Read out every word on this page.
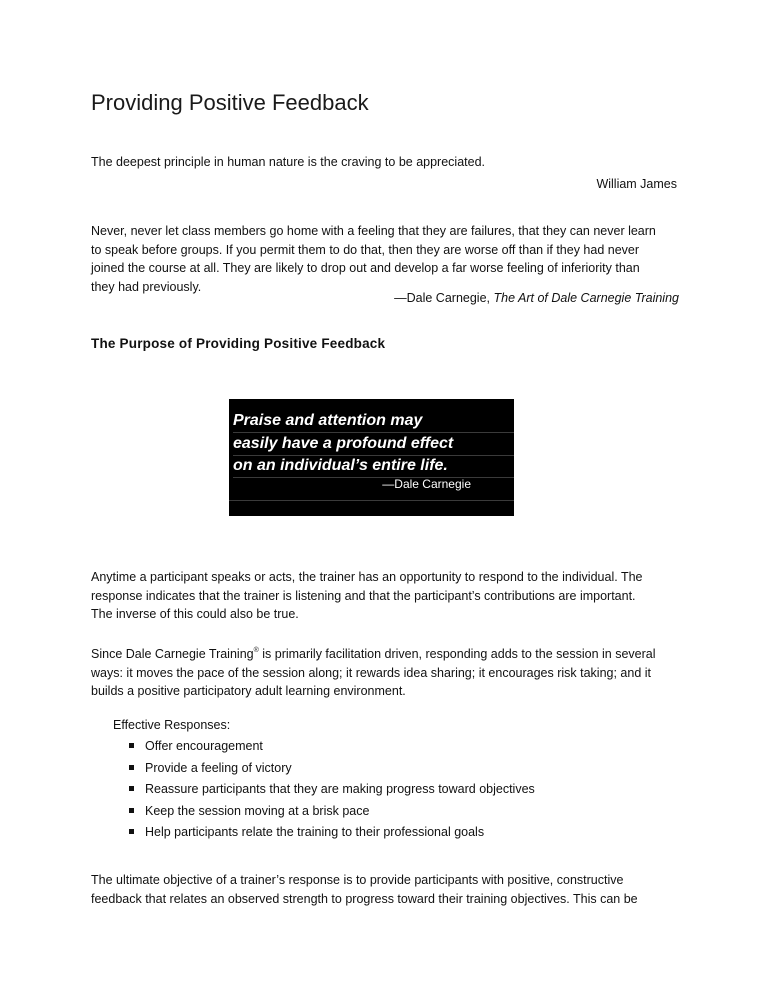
Providing Positive Feedback
The deepest principle in human nature is the craving to be appreciated.
William James
Never, never let class members go home with a feeling that they are failures, that they can never learn
to speak before groups. If you permit them to do that, then they are worse off than if they had never
joined the course at all. They are likely to drop out and develop a far worse feeling of inferiority than
they had previously.
—Dale Carnegie, The Art of Dale Carnegie Training
The Purpose of Providing Positive Feedback
Praise and attention may
easily have a profound effect
on an individual’s entire life.
—Dale Carnegie
Anytime a participant speaks or acts, the trainer has an opportunity to respond to the individual. The
response indicates that the trainer is listening and that the participant’s contributions are important.
The inverse of this could also be true.
Since Dale Carnegie Training® is primarily facilitation driven, responding adds to the session in several
ways: it moves the pace of the session along; it rewards idea sharing; it encourages risk taking; and it
builds a positive participatory adult learning environment.
Effective Responses:
Offer encouragement
Provide a feeling of victory
Reassure participants that they are making progress toward objectives
Keep the session moving at a brisk pace
Help participants relate the training to their professional goals
The ultimate objective of a trainer’s response is to provide participants with positive, constructive
feedback that relates an observed strength to progress toward their training objectives. This can be
